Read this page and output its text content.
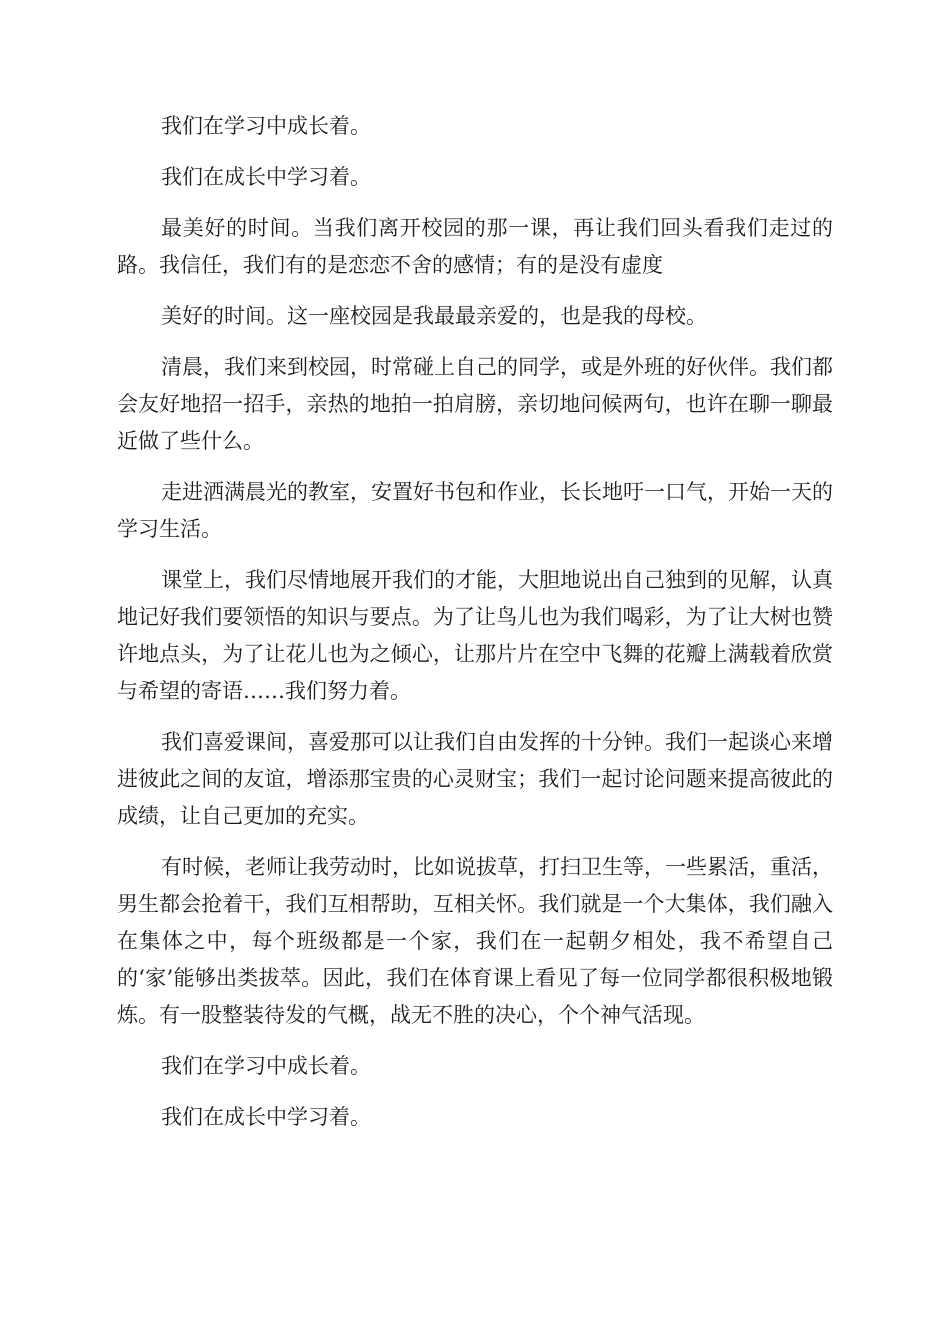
我们在学习中成长着。

我们在成长中学习着。

最美好的时间。当我们离开校园的那一课，再让我们回头看我们走过的路。我信任，我们有的是恋恋不舍的感情；有的是没有虚度

美好的时间。这一座校园是我最最亲爱的，也是我的母校。

清晨，我们来到校园，时常碰上自己的同学，或是外班的好伙伴。我们都会友好地招一招手，亲热的地拍一拍肩膀，亲切地问候两句，也许在聊一聊最近做了些什么。

走进洒满晨光的教室，安置好书包和作业，长长地吁一口气，开始一天的学习生活。

课堂上，我们尽情地展开我们的才能，大胆地说出自己独到的见解，认真地记好我们要领悟的知识与要点。为了让鸟儿也为我们喝彩，为了让大树也赞许地点头，为了让花儿也为之倾心，让那片片在空中飞舞的花瓣上满载着欣赏与希望的寄语……我们努力着。

我们喜爱课间，喜爱那可以让我们自由发挥的十分钟。我们一起谈心来增进彼此之间的友谊，增添那宝贵的心灵财宝；我们一起讨论问题来提高彼此的成绩，让自己更加的充实。

有时候，老师让我劳动时，比如说拔草，打扫卫生等，一些累活，重活，男生都会抢着干，我们互相帮助，互相关怀。我们就是一个大集体，我们融入在集体之中，每个班级都是一个家，我们在一起朝夕相处，我不希望自己的‘家’能够出类拔萃。因此，我们在体育课上看见了每一位同学都很积极地锻炼。有一股整装待发的气概，战无不胜的决心，个个神气活现。

我们在学习中成长着。

我们在成长中学习着。
